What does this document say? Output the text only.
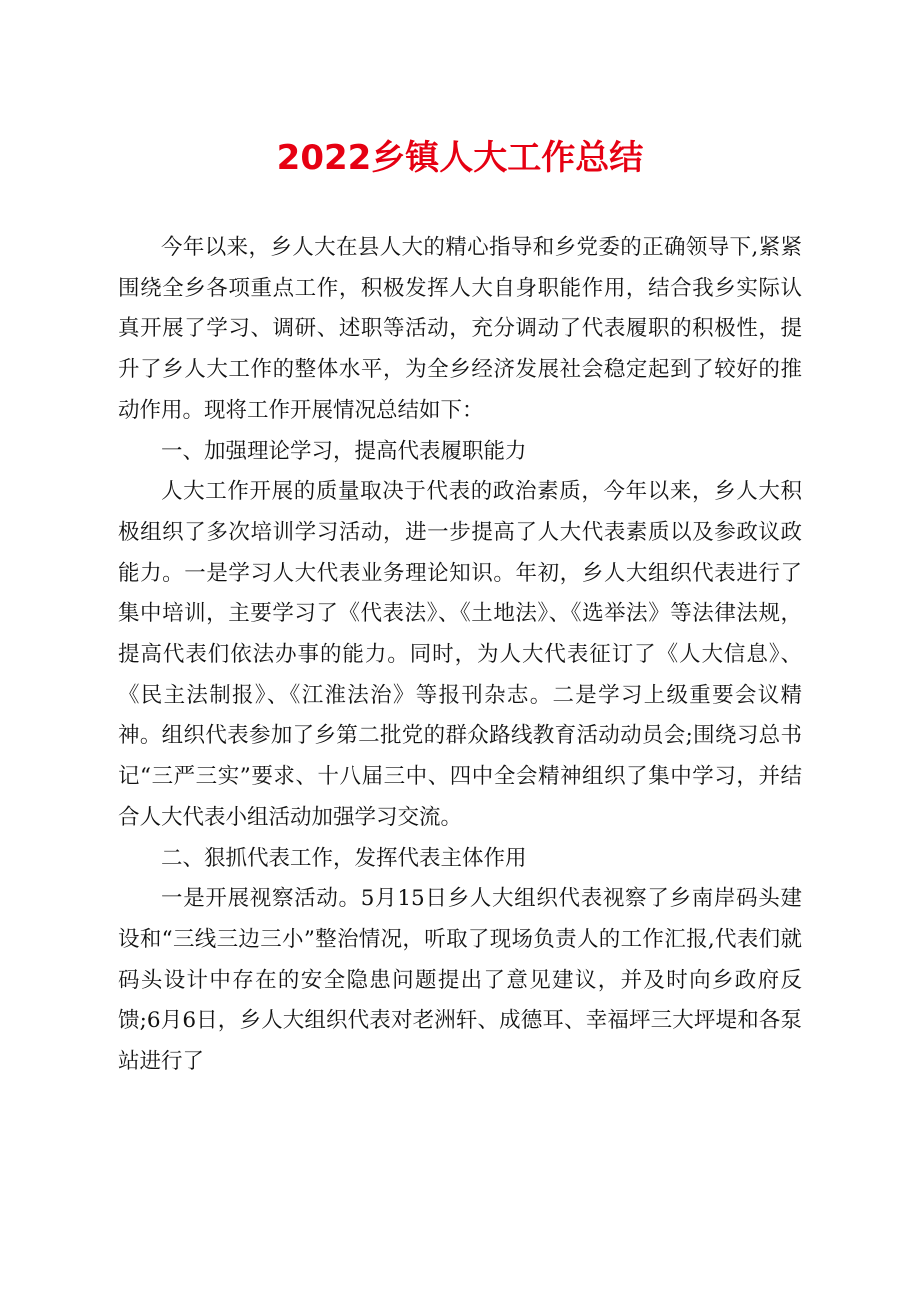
2022乡镇人大工作总结

今年以来，乡人大在县人大的精心指导和乡党委的正确领导下,紧紧围绕全乡各项重点工作，积极发挥人大自身职能作用，结合我乡实际认真开展了学习、调研、述职等活动，充分调动了代表履职的积极性，提升了乡人大工作的整体水平，为全乡经济发展社会稳定起到了较好的推动作用。现将工作开展情况总结如下：

一、加强理论学习，提高代表履职能力

人大工作开展的质量取决于代表的政治素质，今年以来，乡人大积极组织了多次培训学习活动，进一步提高了人大代表素质以及参政议政能力。一是学习人大代表业务理论知识。年初，乡人大组织代表进行了集中培训，主要学习了《代表法》、《土地法》、《选举法》等法律法规，提高代表们依法办事的能力。同时，为人大代表征订了《人大信息》、《民主法制报》、《江淮法治》等报刊杂志。二是学习上级重要会议精神。组织代表参加了乡第二批党的群众路线教育活动动员会;围绕习总书记“三严三实”要求、十八届三中、四中全会精神组织了集中学习，并结合人大代表小组活动加强学习交流。

二、狠抓代表工作，发挥代表主体作用

一是开展视察活动。5月15日乡人大组织代表视察了乡南岸码头建设和“三线三边三小”整治情况，听取了现场负责人的工作汇报,代表们就码头设计中存在的安全隐患问题提出了意见建议，并及时向乡政府反馈;6月6日，乡人大组织代表对老洲轩、成德耳、幸福坪三大坪堤和各泵站进行了
